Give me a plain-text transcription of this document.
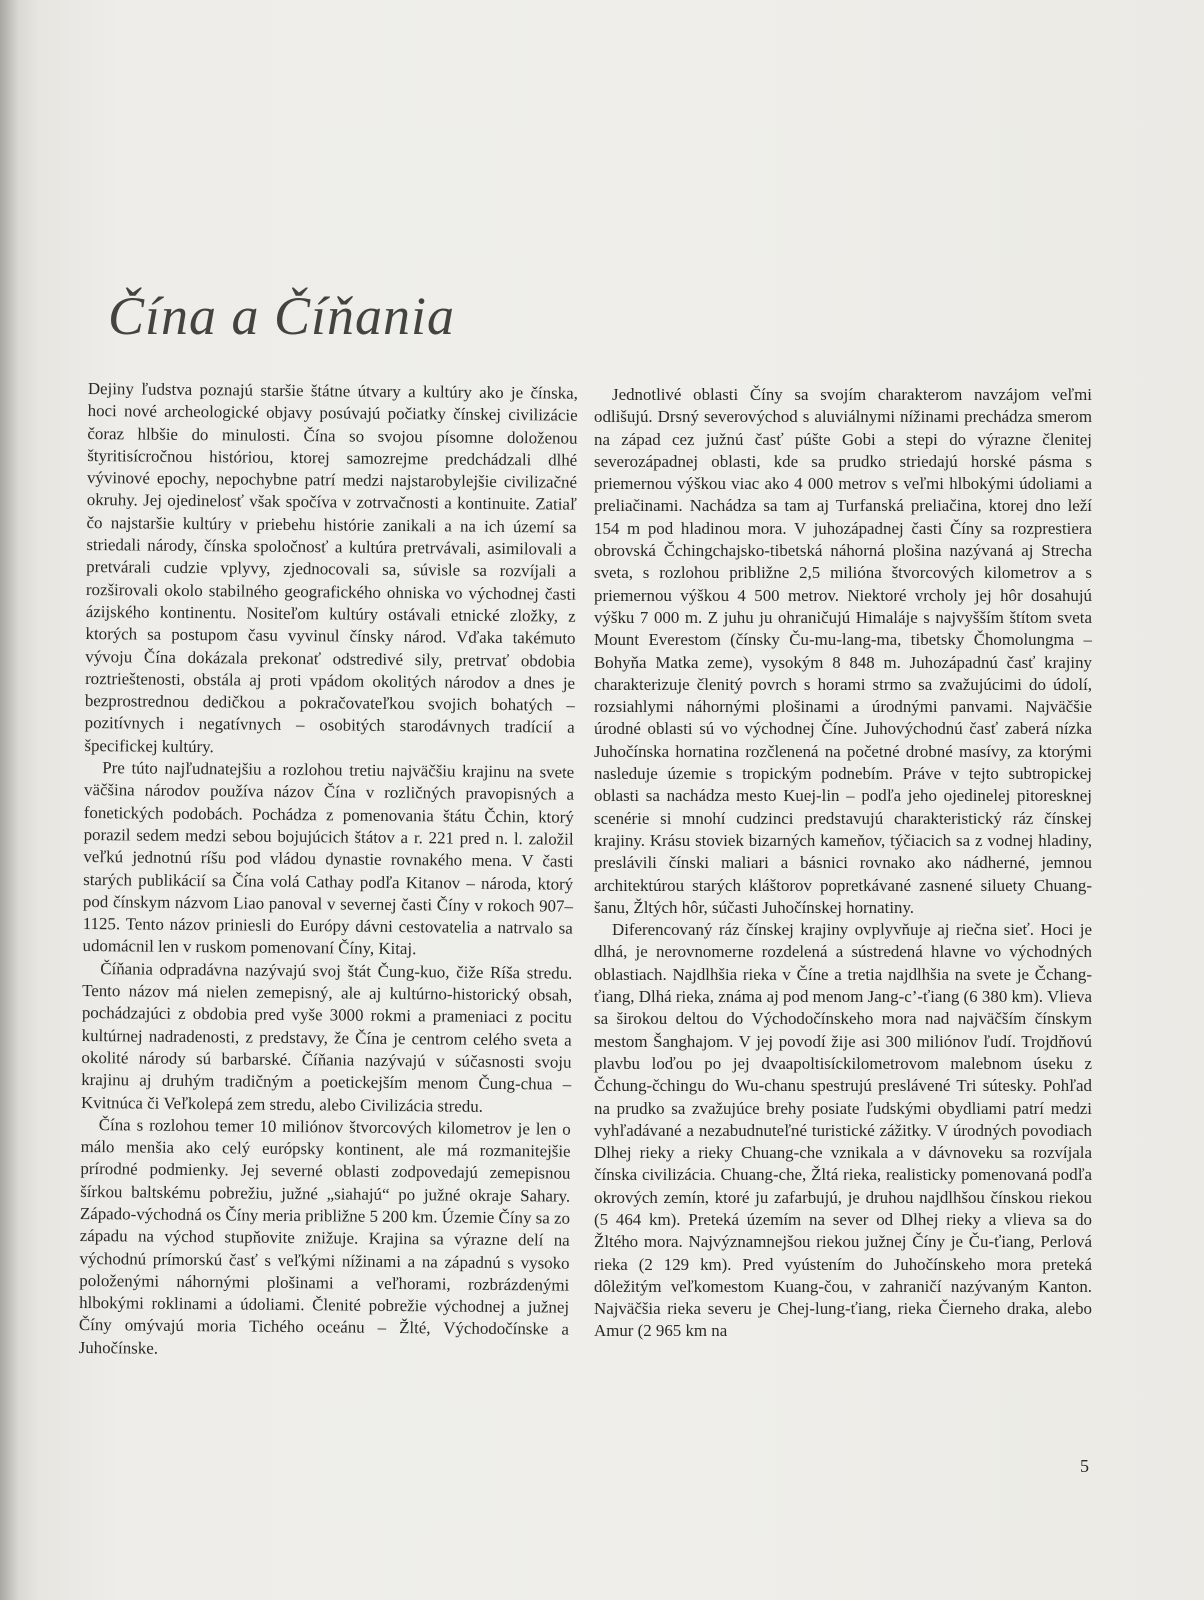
Čína a Číňania

Dejiny ľudstva poznajú staršie štátne útvary a kultúry ako je čínska, hoci nové archeologické objavy posúvajú počiatky čínskej civilizácie čoraz hlbšie do minulosti. Čína so svojou písomne doloženou štyritisícročnou históriou, ktorej samozrejme predchádzali dlhé vývinové epochy, nepochybne patrí medzi najstarobylejšie civilizačné okruhy. Jej ojedinelosť však spočíva v zotrvačnosti a kontinuite. Zatiaľ čo najstaršie kultúry v priebehu histórie zanikali a na ich území sa striedali národy, čínska spoločnosť a kultúra pretrvávali, asimilovali a pretvárali cudzie vplyvy, zjednocovali sa, súvisle sa rozvíjali a rozširovali okolo stabilného geografického ohniska vo východnej časti ázijského kontinentu. Nositeľom kultúry ostávali etnické zložky, z ktorých sa postupom času vyvinul čínsky národ. Vďaka takémuto vývoju Čína dokázala prekonať odstredivé sily, pretrvať obdobia roztrieštenosti, obstála aj proti vpádom okolitých národov a dnes je bezprostrednou dedičkou a pokračovateľkou svojich bohatých – pozitívnych i negatívnych – osobitých starodávnych tradícií a špecifickej kultúry.

Pre túto najľudnatejšiu a rozlohou tretiu najväčšiu krajinu na svete väčšina národov používa názov Čína v rozličných pravopisných a fonetických podobách. Pochádza z pomenovania štátu Čchin, ktorý porazil sedem medzi sebou bojujúcich štátov a r. 221 pred n. l. založil veľkú jednotnú ríšu pod vládou dynastie rovnakého mena. V časti starých publikácií sa Čína volá Cathay podľa Kitanov – národa, ktorý pod čínskym názvom Liao panoval v severnej časti Číny v rokoch 907–1125. Tento názov priniesli do Európy dávni cestovatelia a natrvalo sa udomácnil len v ruskom pomenovaní Číny, Kitaj.

Číňania odpradávna nazývajú svoj štát Čung-kuo, čiže Ríša stredu. Tento názov má nielen zemepisný, ale aj kultúrno-historický obsah, pochádzajúci z obdobia pred vyše 3000 rokmi a prameniaci z pocitu kultúrnej nadradenosti, z predstavy, že Čína je centrom celého sveta a okolité národy sú barbarské. Číňania nazývajú v súčasnosti svoju krajinu aj druhým tradičným a poetickejším menom Čung-chua – Kvitnúca či Veľkolepá zem stredu, alebo Civilizácia stredu.

Čína s rozlohou temer 10 miliónov štvorcových kilometrov je len o málo menšia ako celý európsky kontinent, ale má rozmanitejšie prírodné podmienky. Jej severné oblasti zodpovedajú zemepisnou šírkou baltskému pobrežiu, južné „siahajú“ po južné okraje Sahary. Západo-východná os Číny meria približne 5 200 km. Územie Číny sa zo západu na východ stupňovite znižuje. Krajina sa výrazne delí na východnú prímorskú časť s veľkými nížinami a na západnú s vysoko položenými náhornými plošinami a veľhorami, rozbrázdenými hlbokými roklinami a údoliami. Členité pobrežie východnej a južnej Číny omývajú moria Tichého oceánu – Žlté, Východočínske a Juhočínske.

Jednotlivé oblasti Číny sa svojím charakterom navzájom veľmi odlišujú. Drsný severovýchod s aluviálnymi nížinami prechádza smerom na západ cez južnú časť púšte Gobi a stepi do výrazne členitej severozápadnej oblasti, kde sa prudko striedajú horské pásma s priemernou výškou viac ako 4 000 metrov s veľmi hlbokými údoliami a preliačinami. Nachádza sa tam aj Turfanská preliačina, ktorej dno leží 154 m pod hladinou mora. V juhozápadnej časti Číny sa rozprestiera obrovská Čchingchajsko-tibetská náhorná plošina nazývaná aj Strecha sveta, s rozlohou približne 2,5 milióna štvorcových kilometrov a s priemernou výškou 4 500 metrov. Niektoré vrcholy jej hôr dosahujú výšku 7 000 m. Z juhu ju ohraničujú Himaláje s najvyšším štítom sveta Mount Everestom (čínsky Ču-mu-lang-ma, tibetsky Čhomolungma – Bohyňa Matka zeme), vysokým 8 848 m. Juhozápadnú časť krajiny charakterizuje členitý povrch s horami strmo sa zvažujúcimi do údolí, rozsiahlymi náhornými plošinami a úrodnými panvami. Najväčšie úrodné oblasti sú vo východnej Číne. Juhovýchodnú časť zaberá nízka Juhočínska hornatina rozčlenená na početné drobné masívy, za ktorými nasleduje územie s tropickým podnebím. Práve v tejto subtropickej oblasti sa nachádza mesto Kuej-lin – podľa jeho ojedinelej pitoresknej scenérie si mnohí cudzinci predstavujú charakteristický ráz čínskej krajiny. Krásu stoviek bizarných kameňov, týčiacich sa z vodnej hladiny, preslávili čínski maliari a básnici rovnako ako nádherné, jemnou architektúrou starých kláštorov popretkávané zasnené siluety Chuang-šanu, Žltých hôr, súčasti Juhočínskej hornatiny.

Diferencovaný ráz čínskej krajiny ovplyvňuje aj riečna sieť. Hoci je dlhá, je nerovnomerne rozdelená a sústredená hlavne vo východných oblastiach. Najdlhšia rieka v Číne a tretia najdlhšia na svete je Čchang-ťiang, Dlhá rieka, známa aj pod menom Jang-c’-ťiang (6 380 km). Vlieva sa širokou deltou do Východočínskeho mora nad najväčším čínskym mestom Šanghajom. V jej povodí žije asi 300 miliónov ľudí. Trojdňovú plavbu loďou po jej dvaapoltisíckilometrovom malebnom úseku z Čchung-čchingu do Wu-chanu spestrujú preslávené Tri sútesky. Pohľad na prudko sa zvažujúce brehy posiate ľudskými obydliami patrí medzi vyhľadávané a nezabudnuteľné turistické zážitky. V úrodných povodiach Dlhej rieky a rieky Chuang-che vznikala a v dávnoveku sa rozvíjala čínska civilizácia. Chuang-che, Žltá rieka, realisticky pomenovaná podľa okrových zemín, ktoré ju zafarbujú, je druhou najdlhšou čínskou riekou (5 464 km). Preteká územím na sever od Dlhej rieky a vlieva sa do Žltého mora. Najvýznamnejšou riekou južnej Číny je Ču-ťiang, Perlová rieka (2 129 km). Pred vyústením do Juhočínskeho mora preteká dôležitým veľkomestom Kuang-čou, v zahraničí nazývaným Kanton. Najväčšia rieka severu je Chej-lung-ťiang, rieka Čierneho draka, alebo Amur (2 965 km na

5
